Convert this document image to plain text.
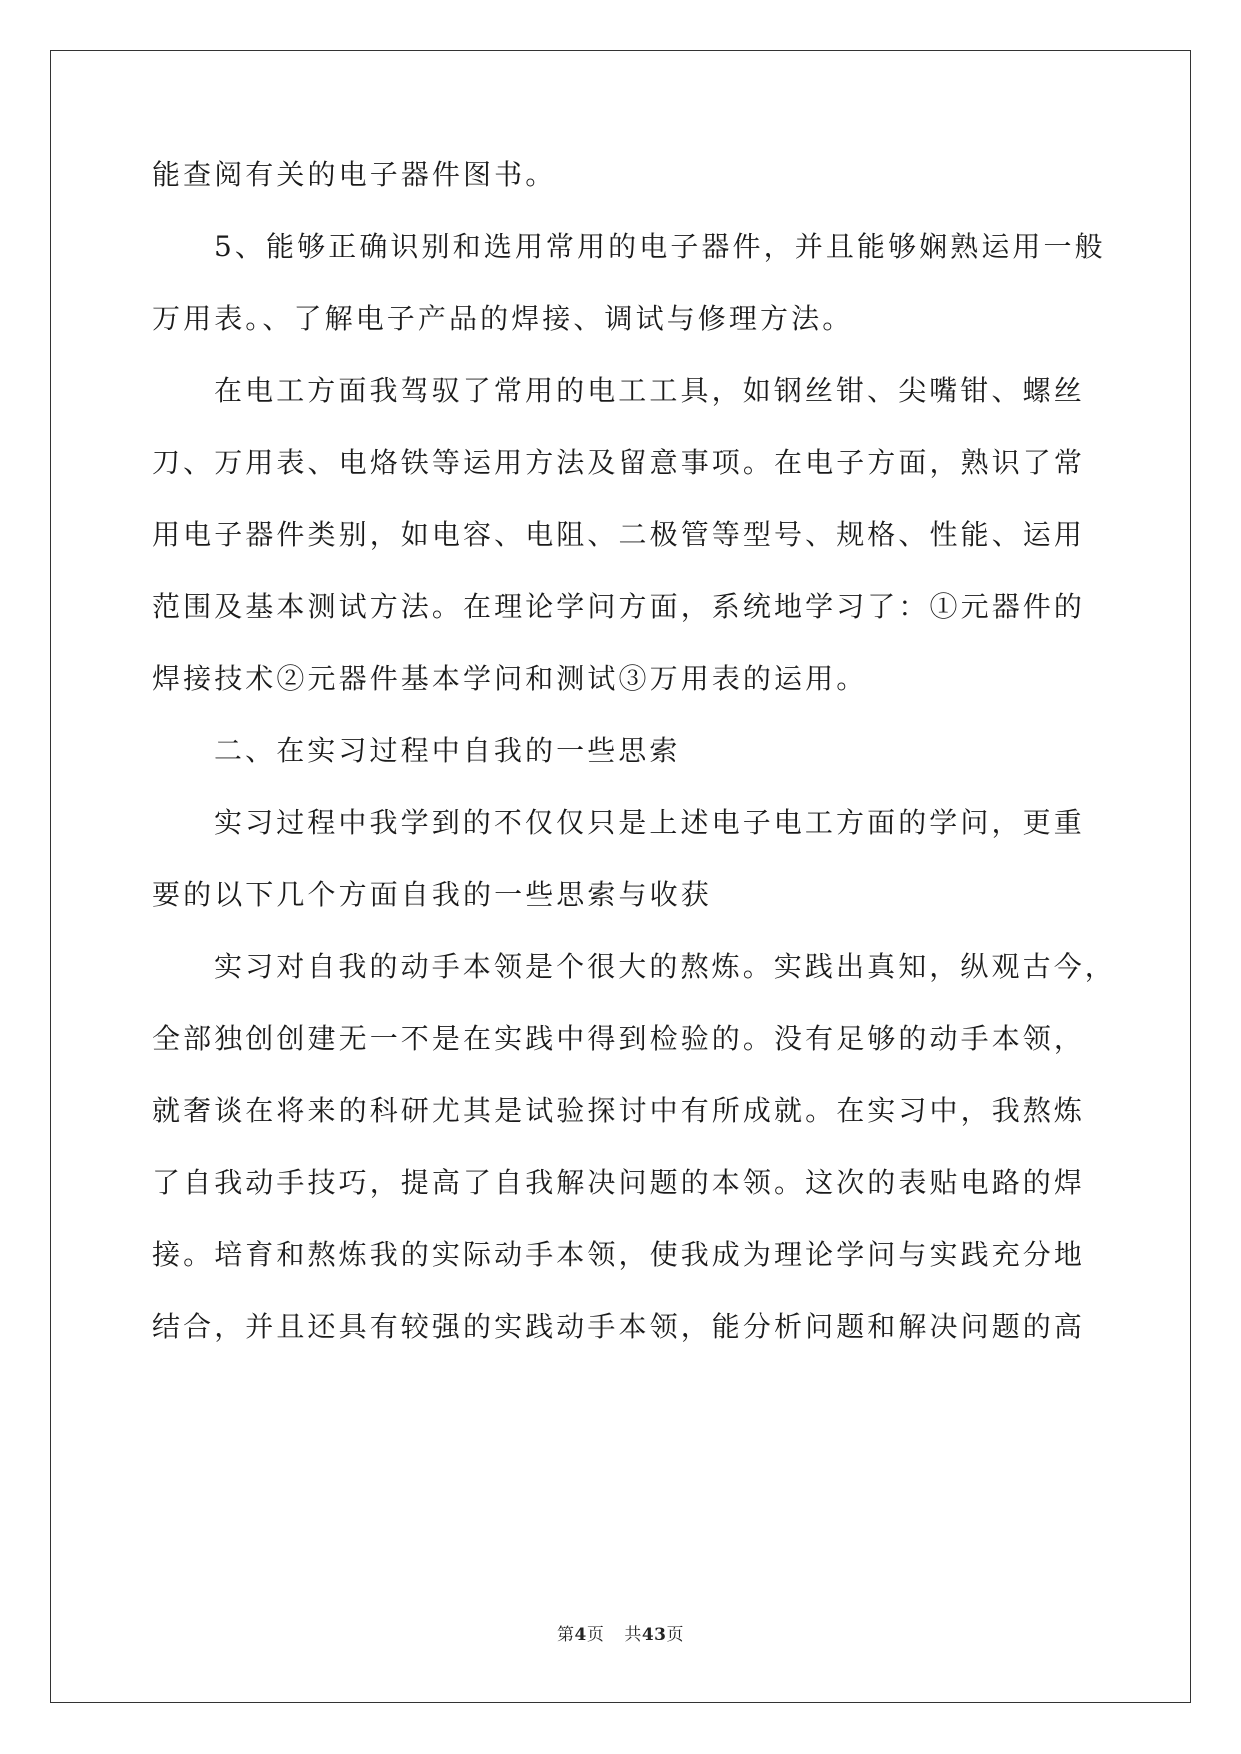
能查阅有关的电子器件图书。
5、能够正确识别和选用常用的电子器件，并且能够娴熟运用一般
万用表。、了解电子产品的焊接、调试与修理方法。
在电工方面我驾驭了常用的电工工具，如钢丝钳、尖嘴钳、螺丝
刀、万用表、电烙铁等运用方法及留意事项。在电子方面，熟识了常
用电子器件类别，如电容、电阻、二极管等型号、规格、性能、运用
范围及基本测试方法。在理论学问方面，系统地学习了：①元器件的
焊接技术②元器件基本学问和测试③万用表的运用。
二、在实习过程中自我的一些思索
实习过程中我学到的不仅仅只是上述电子电工方面的学问，更重
要的以下几个方面自我的一些思索与收获
实习对自我的动手本领是个很大的熬炼。实践出真知，纵观古今，
全部独创创建无一不是在实践中得到检验的。没有足够的动手本领，
就奢谈在将来的科研尤其是试验探讨中有所成就。在实习中，我熬炼
了自我动手技巧，提高了自我解决问题的本领。这次的表贴电路的焊
接。培育和熬炼我的实际动手本领，使我成为理论学问与实践充分地
结合，并且还具有较强的实践动手本领，能分析问题和解决问题的高
第4页 共43页
